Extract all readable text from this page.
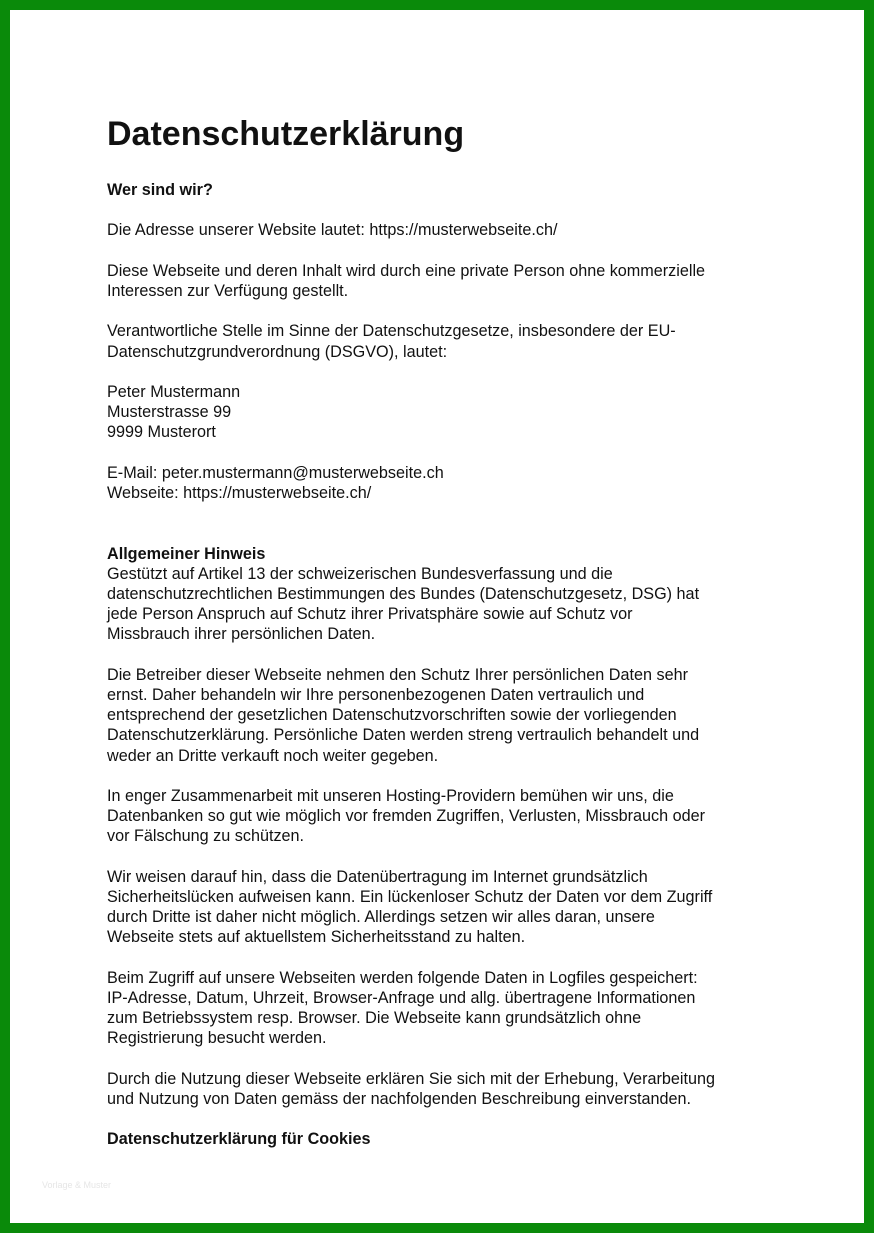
Datenschutzerklärung
Wer sind wir?

Die Adresse unserer Website lautet: https://musterwebseite.ch/

Diese Webseite und deren Inhalt wird durch eine private Person ohne kommerzielle
Interessen zur Verfügung gestellt.

Verantwortliche Stelle im Sinne der Datenschutzgesetze, insbesondere der EU-
Datenschutzgrundverordnung (DSGVO), lautet:

Peter Mustermann
Musterstrasse 99
9999 Musterort

E-Mail: peter.mustermann@musterwebseite.ch
Webseite: https://musterwebseite.ch/

Allgemeiner Hinweis

Gestützt auf Artikel 13 der schweizerischen Bundesverfassung und die
datenschutzrechtlichen Bestimmungen des Bundes (Datenschutzgesetz, DSG) hat
jede Person Anspruch auf Schutz ihrer Privatsphäre sowie auf Schutz vor
Missbrauch ihrer persönlichen Daten.

Die Betreiber dieser Webseite nehmen den Schutz Ihrer persönlichen Daten sehr
ernst. Daher behandeln wir Ihre personenbezogenen Daten vertraulich und
entsprechend der gesetzlichen Datenschutzvorschriften sowie der vorliegenden
Datenschutzerklärung. Persönliche Daten werden streng vertraulich behandelt und
weder an Dritte verkauft noch weiter gegeben.

In enger Zusammenarbeit mit unseren Hosting-Providern bemühen wir uns, die
Datenbanken so gut wie möglich vor fremden Zugriffen, Verlusten, Missbrauch oder
vor Fälschung zu schützen.

Wir weisen darauf hin, dass die Datenübertragung im Internet grundsätzlich
Sicherheitslücken aufweisen kann. Ein lückenloser Schutz der Daten vor dem Zugriff
durch Dritte ist daher nicht möglich. Allerdings setzen wir alles daran, unsere
Webseite stets auf aktuellstem Sicherheitsstand zu halten.

Beim Zugriff auf unsere Webseiten werden folgende Daten in Logfiles gespeichert:
IP-Adresse, Datum, Uhrzeit, Browser-Anfrage und allg. übertragene Informationen
zum Betriebssystem resp. Browser. Die Webseite kann grundsätzlich ohne
Registrierung besucht werden.

Durch die Nutzung dieser Webseite erklären Sie sich mit der Erhebung, Verarbeitung
und Nutzung von Daten gemäss der nachfolgenden Beschreibung einverstanden.

Datenschutzerklärung für Cookies
Vorlage & Muster
